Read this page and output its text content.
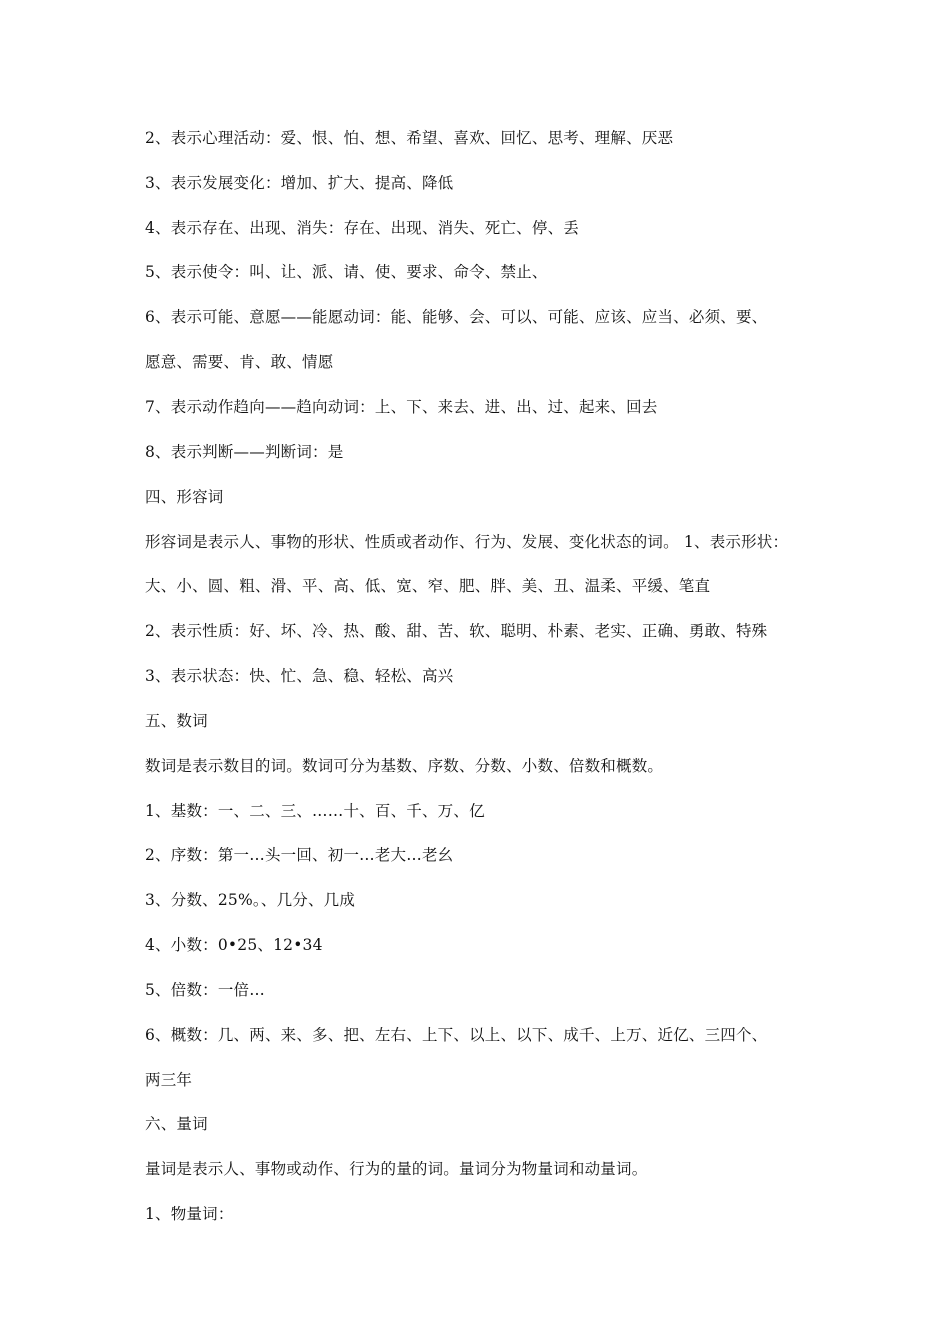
2、表示心理活动：爱、恨、怕、想、希望、喜欢、回忆、思考、理解、厌恶
3、表示发展变化：增加、扩大、提高、降低
4、表示存在、出现、消失：存在、出现、消失、死亡、停、丢
5、表示使令：叫、让、派、请、使、要求、命令、禁止、
6、表示可能、意愿——能愿动词：能、能够、会、可以、可能、应该、应当、必须、要、
愿意、需要、肯、敢、情愿
7、表示动作趋向——趋向动词：上、下、来去、进、出、过、起来、回去
8、表示判断——判断词：是
四、形容词
形容词是表示人、事物的形状、性质或者动作、行为、发展、变化状态的词。 1、表示形状：
大、小、圆、粗、滑、平、高、低、宽、窄、肥、胖、美、丑、温柔、平缓、笔直
2、表示性质：好、坏、冷、热、酸、甜、苦、软、聪明、朴素、老实、正确、勇敢、特殊
3、表示状态：快、忙、急、稳、轻松、高兴
五、数词
数词是表示数目的词。数词可分为基数、序数、分数、小数、倍数和概数。
1、基数：一、二、三、……十、百、千、万、亿
2、序数：第一…头一回、初一…老大…老幺
3、分数、25%。、几分、几成
4、小数：0•25、12•34
5、倍数：一倍…
6、概数：几、两、来、多、把、左右、上下、以上、以下、成千、上万、近亿、三四个、
两三年
六、量词
量词是表示人、事物或动作、行为的量的词。量词分为物量词和动量词。
1、物量词：
